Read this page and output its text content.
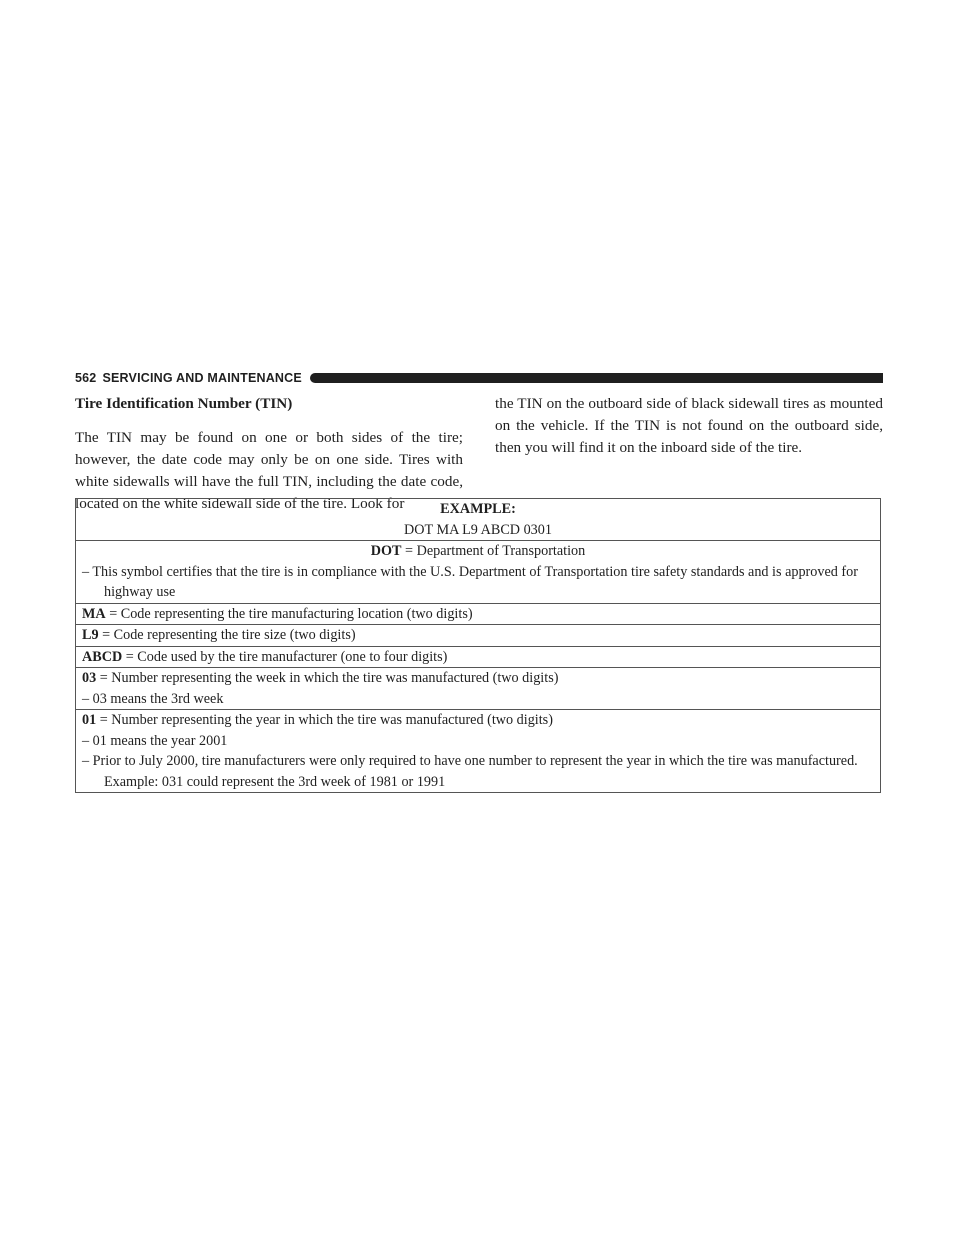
562 SERVICING AND MAINTENANCE
Tire Identification Number (TIN)

The TIN may be found on one or both sides of the tire; however, the date code may only be on one side. Tires with white sidewalls will have the full TIN, including the date code, located on the white sidewall side of the tire. Look for

the TIN on the outboard side of black sidewall tires as mounted on the vehicle. If the TIN is not found on the outboard side, then you will find it on the inboard side of the tire.

EXAMPLE:
DOT MA L9 ABCD 0301

DOT = Department of Transportation
– This symbol certifies that the tire is in compliance with the U.S. Department of Transportation tire safety standards and is approved for highway use

MA = Code representing the tire manufacturing location (two digits)
L9 = Code representing the tire size (two digits)
ABCD = Code used by the tire manufacturer (one to four digits)

03 = Number representing the week in which the tire was manufactured (two digits)
– 03 means the 3rd week

01 = Number representing the year in which the tire was manufactured (two digits)
– 01 means the year 2001
– Prior to July 2000, tire manufacturers were only required to have one number to represent the year in which the tire was manufactured. Example: 031 could represent the 3rd week of 1981 or 1991
